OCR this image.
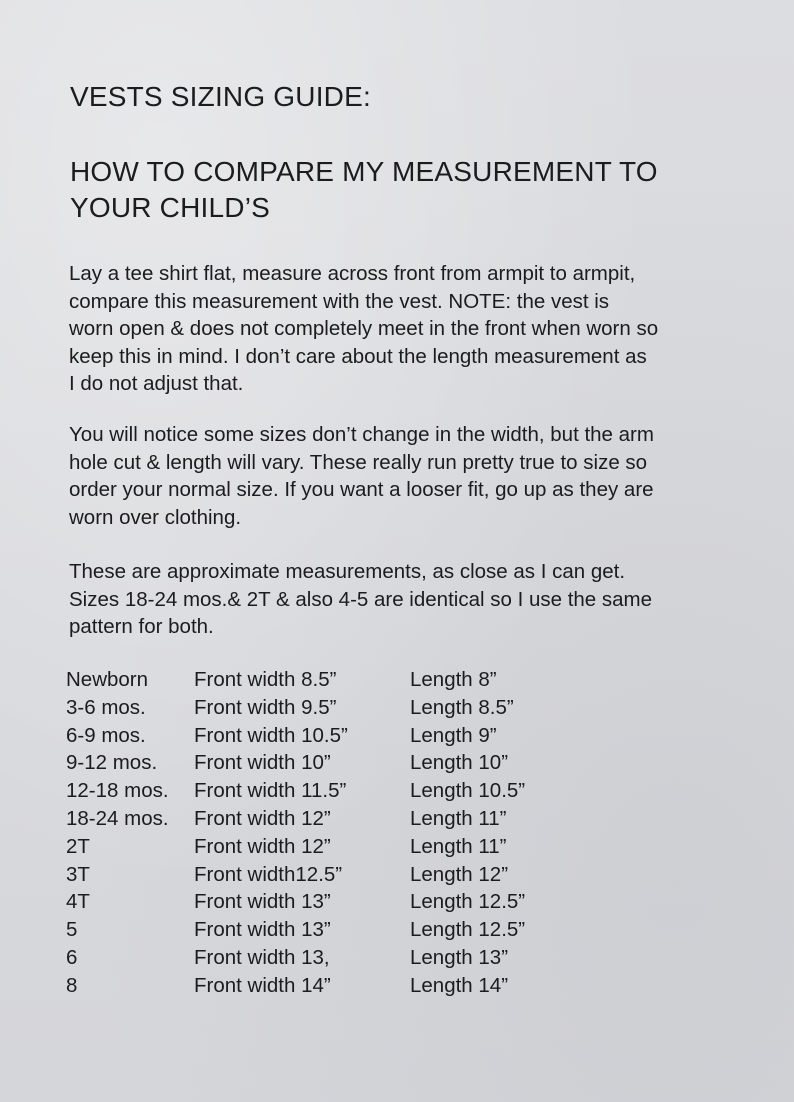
VESTS SIZING GUIDE:
HOW TO COMPARE MY MEASUREMENT TO
YOUR CHILD’S

Lay a tee shirt flat, measure across front from armpit to armpit,
compare this measurement with the vest. NOTE: the vest is
worn open & does not completely meet in the front when worn so
keep this in mind. I don’t care about the length measurement as
I do not adjust that.

You will notice some sizes don’t change in the width, but the arm
hole cut & length will vary. These really run pretty true to size so
order your normal size. If you want a looser fit, go up as they are
worn over clothing.

These are approximate measurements, as close as I can get.
Sizes 18-24 mos.& 2T & also 4-5 are identical so I use the same
pattern for both.

Newborn Front width 8.5”	Length 8”
3-6 mos. Front width 9.5”	Length 8.5”
6-9 mos. Front width 10.5”	Length 9”
9-12 mos. Front width 10”	Length 10”
12-18 mos. Front width 11.5”	Length 10.5”
18-24 mos. Front width 12”	Length 11”
2T	Front width 12”	Length 11”
3T	Front width12.5”	Length 12”
4T	Front width 13”	Length 12.5”
5	Front width 13”	Length 12.5”
6	Front width 13,	Length 13”
8	Front width 14”	Length 14”
